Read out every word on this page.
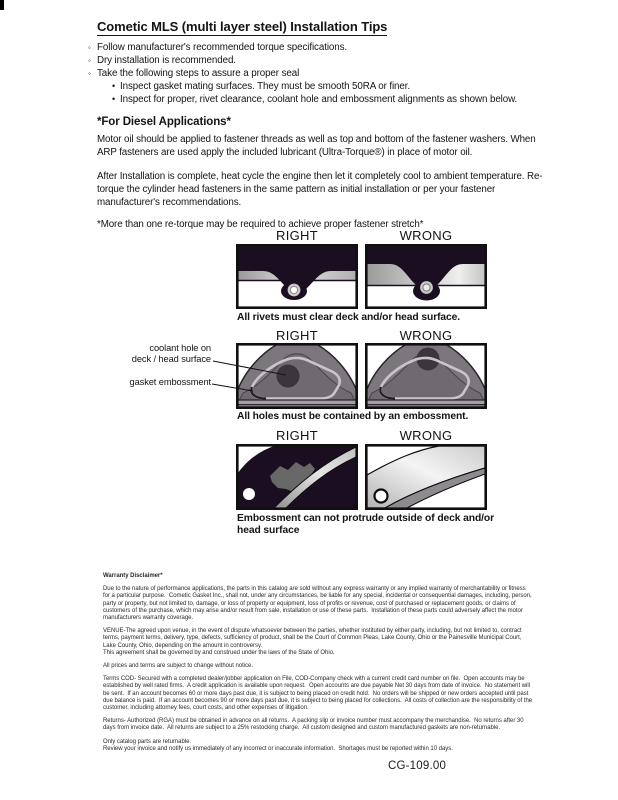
Cometic MLS (multi layer steel) Installation Tips
◦ Follow manufacturer's recommended torque specifications.
◦ Dry installation is recommended.
◦ Take the following steps to assure a proper seal
• Inspect gasket mating surfaces. They must be smooth 50RA or finer.
• Inspect for proper, rivet clearance, coolant hole and embossment alignments as shown below.
*For Diesel Applications*
Motor oil should be applied to fastener threads as well as top and bottom of the fastener washers. When ARP fasteners are used apply the included lubricant (Ultra-Torque®) in place of motor oil.
After Installation is complete, heat cycle the engine then let it completely cool to ambient temperature. Re-torque the cylinder head fasteners in the same pattern as initial installation or per your fastener manufacturer's recommendations.
*More than one re-torque may be required to achieve proper fastener stretch*
RIGHT	WRONG
All rivets must clear deck and/or head surface.
RIGHT	WRONG
coolant hole on
deck / head surface
gasket embossment
All holes must be contained by an embossment.
RIGHT	WRONG
Embossment can not protrude outside of deck and/or head surface
Warranty Disclaimer*

Due to the nature of performance applications, the parts in this catalog are sold without any express warranty or any implied warranty of merchantability or fitness for a particular purpose.  Cometic Gasket Inc., shall not, under any circumstances, be liable for any special, incidental or consequential damages, including, person, party or property, but not limited to, damage, or loss of property or equipment, loss of profits or revenue, cost of purchased or replacement goods, or claims of customers of the purchase, which may arise and/or result from sale, installation or use of these parts.  Installation of these parts could adversely affect the motor manufacturers warranty coverage.

VENUE-The agreed upon venue, in the event of dispute whatsoever between the parties, whether instituted by either party, including, but not limited to, contract terms, payment terms, delivery, type, defects, sufficiency of product, shall be the Court of Common Pleas, Lake County, Ohio or the Painesville Municipal Court, Lake County, Ohio, depending on the amount in controversy.

This agreement shall be governed by and construed under the laws of the State of Ohio.

All prices and terms are subject to change without notice.

Terms COD- Secured with a completed dealer/jobber application on File, COD-Company check with a current credit card number on file.  Open accounts may be established by well rated firms.  A credit application is available upon request.  Open accounts are due payable Net 30 days from date of invoice.  No statement will be sent.  If an account becomes 60 or more days past due, it is subject to being placed on credit hold.  No orders will be shipped or new orders accepted until past due balance is paid.  If an account becomes 90 or more days past due, it is subject to being placed for collections.  All costs of collection are the responsibility of the customer, including attorney fees, court costs, and other expenses of litigation.

Returns- Authorized (RGA) must be obtained in advance on all returns.  A packing slip or invoice number must accompany the merchandise.  No returns after 30 days from invoice date.  All returns are subject to a 25% restocking charge.  All custom designed and custom manufactured gaskets are non-returnable.

Only catalog parts are returnable.

Review your invoice and notify us immediately of any incorrect or inaccurate information.  Shortages must be reported within 10 days.

CG-109.00
